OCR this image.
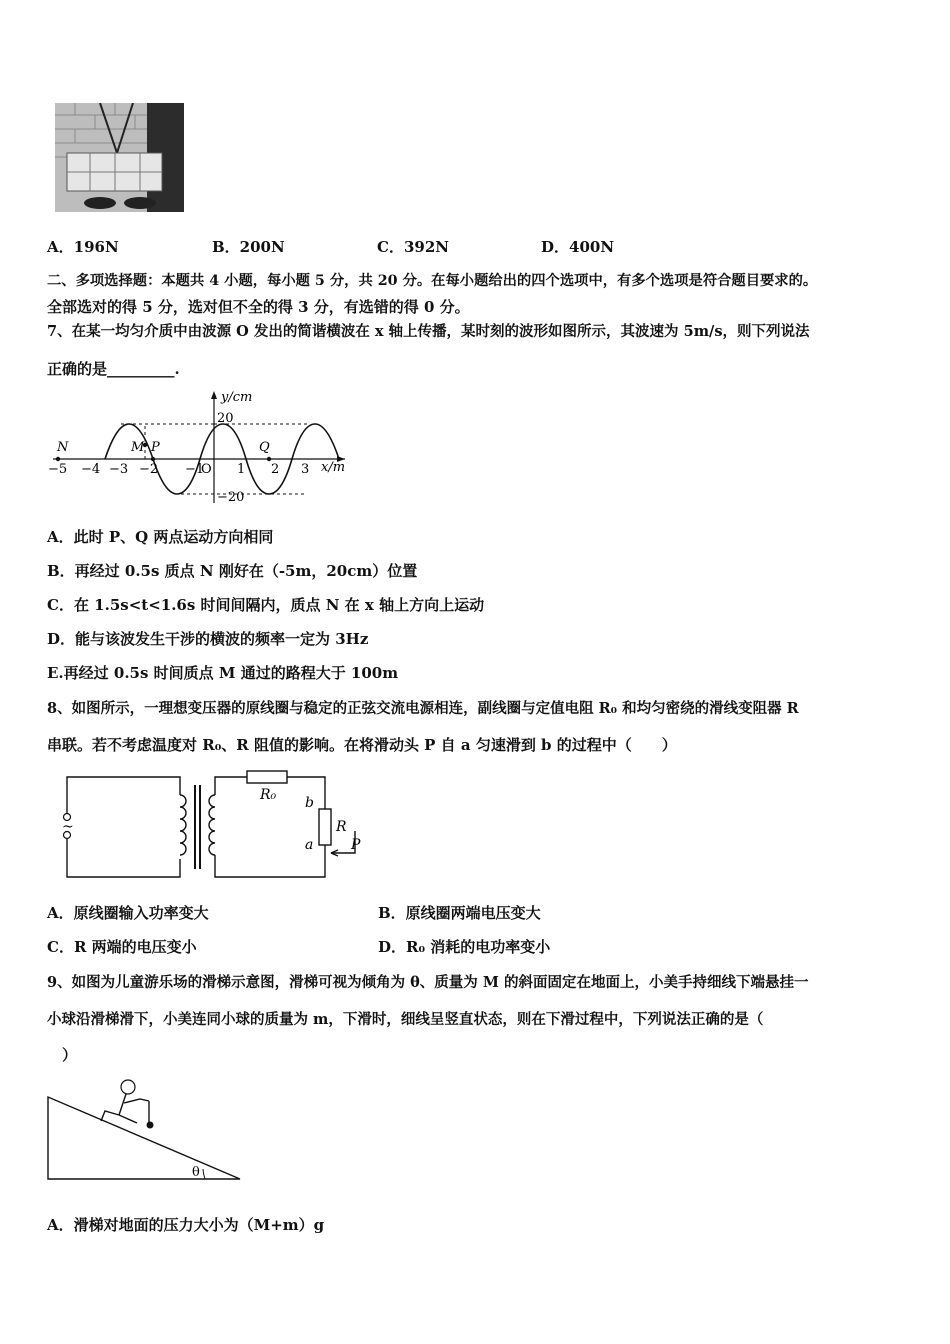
A．196N	B．200N	C．392N	D．400N
二、多项选择题：本题共 4 小题，每小题 5 分，共 20 分。在每小题给出的四个选项中，有多个选项是符合题目要求的。
全部选对的得 5 分，选对但不全的得 3 分，有选错的得 0 分。
7、在某一均匀介质中由波源 O 发出的简谐横波在 x 轴上传播，某时刻的波形如图所示，其波速为 5m/s，则下列说法
正确的是_________.
y/cm
x/m
20
−20
−5 −4 −3 −2 −1
O 1 2 3
N	M P	Q
A．此时 P、Q 两点运动方向相同
B．再经过 0.5s 质点 N 刚好在（-5m，20cm）位置
C．在 1.5s<t<1.6s 时间间隔内，质点 N 在 x 轴上方向上运动
D．能与该波发生干涉的横波的频率一定为 3Hz
E.再经过 0.5s 时间质点 M 通过的路程大于 100m
8、如图所示，一理想变压器的原线圈与稳定的正弦交流电源相连，副线圈与定值电阻 R₀ 和均匀密绕的滑线变阻器 R
串联。若不考虑温度对 R₀、R 阻值的影响。在将滑动头 P 自 a 匀速滑到 b 的过程中（　　）
~
R₀ b
R
a	P
A．原线圈输入功率变大	B．原线圈两端电压变大
C．R 两端的电压变小	D．R₀ 消耗的电功率变小
9、如图为儿童游乐场的滑梯示意图，滑梯可视为倾角为 θ、质量为 M 的斜面固定在地面上，小美手持细线下端悬挂一
小球沿滑梯滑下，小美连同小球的质量为 m，下滑时，细线呈竖直状态，则在下滑过程中，下列说法正确的是（
）
θ
A．滑梯对地面的压力大小为（M+m）g
